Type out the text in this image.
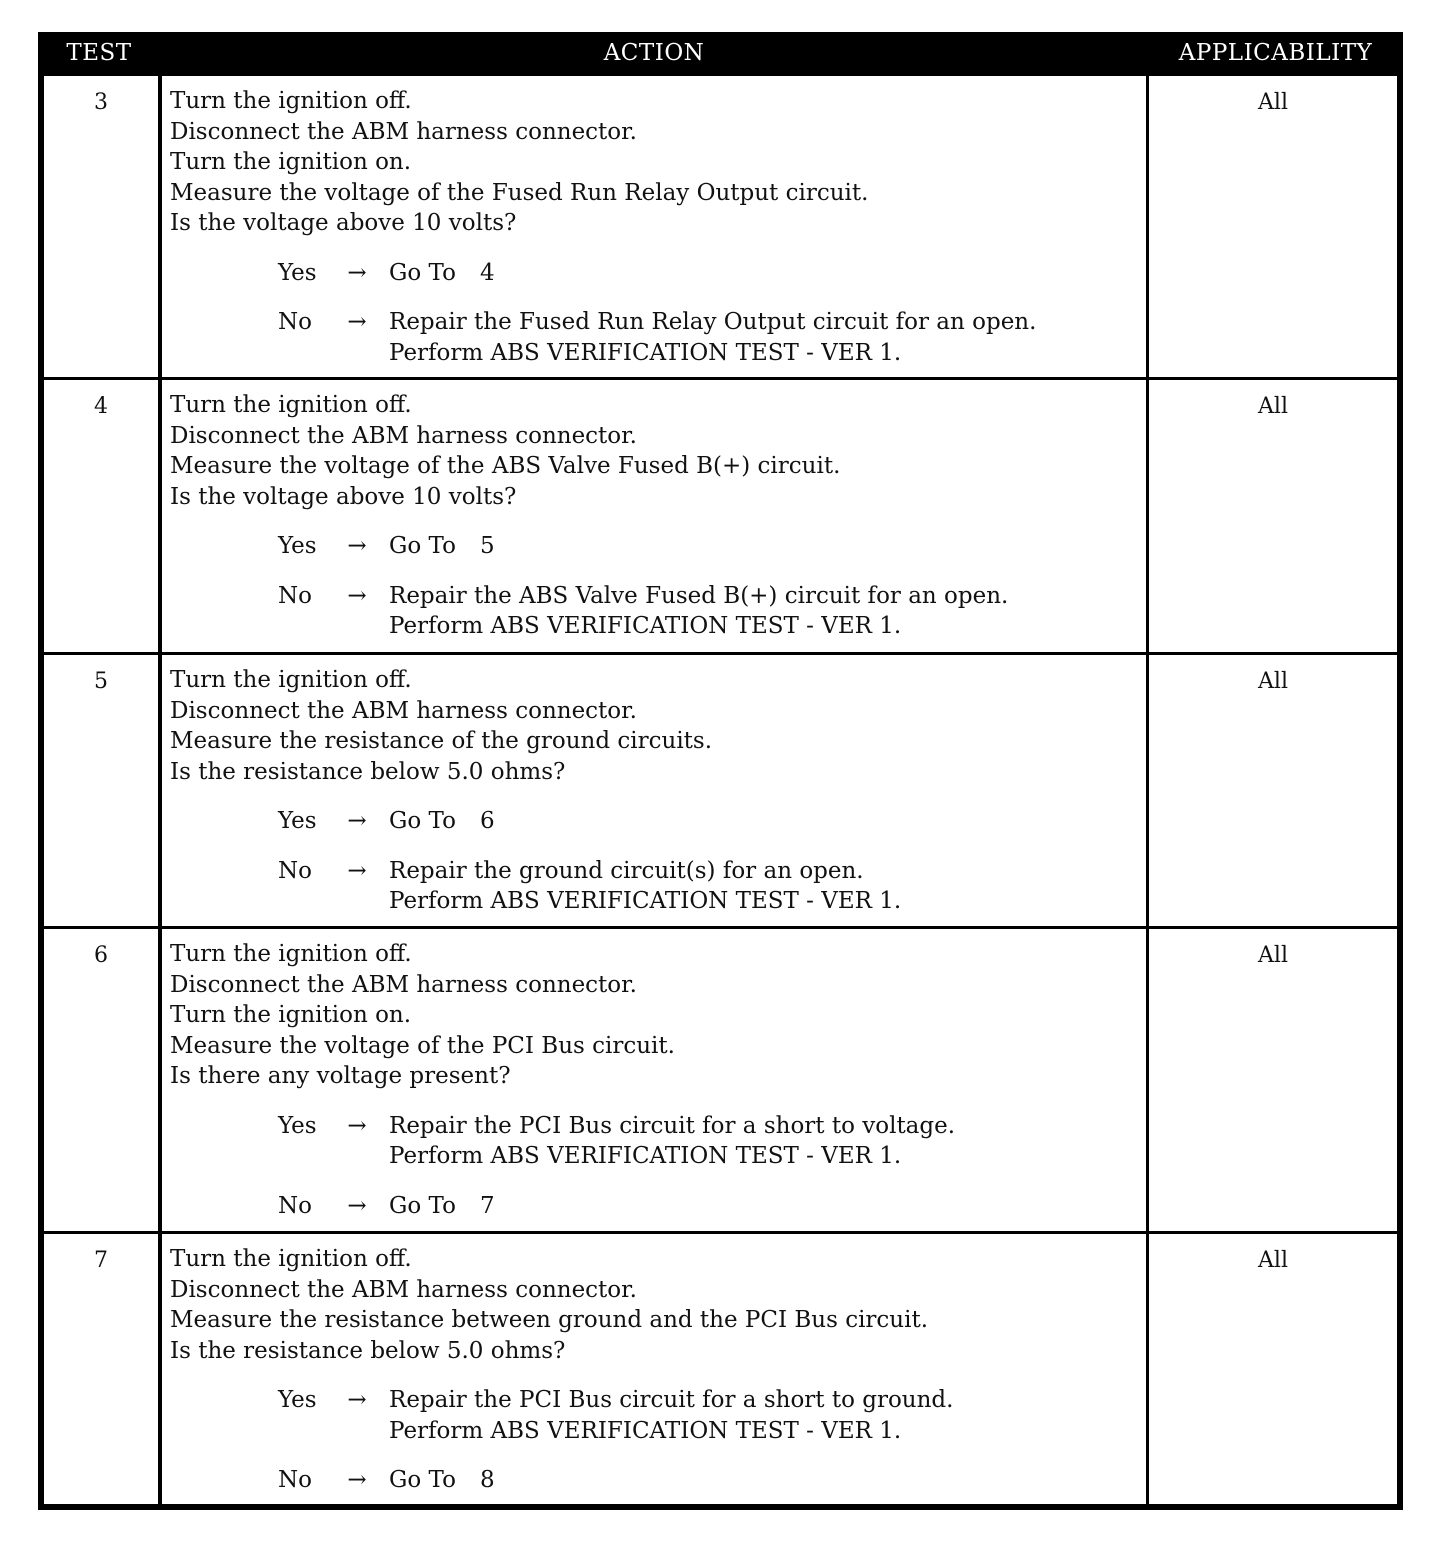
TEST	ACTION	APPLICABILITY
3	Turn the ignition off.
Disconnect the ABM harness connector.
Turn the ignition on.
Measure the voltage of the Fused Run Relay Output circuit.
Is the voltage above 10 volts?
Yes	→ Go To 4
No	→ Repair the Fused Run Relay Output circuit for an open.
Perform ABS VERIFICATION TEST - VER 1.
All
4	Turn the ignition off.
Disconnect the ABM harness connector.
Measure the voltage of the ABS Valve Fused B(+) circuit.
Is the voltage above 10 volts?
Yes	→ Go To 5
No	→ Repair the ABS Valve Fused B(+) circuit for an open.
Perform ABS VERIFICATION TEST - VER 1.
All
5	Turn the ignition off.
Disconnect the ABM harness connector.
Measure the resistance of the ground circuits.
Is the resistance below 5.0 ohms?
Yes	→ Go To 6
No	→ Repair the ground circuit(s) for an open.
Perform ABS VERIFICATION TEST - VER 1.
All
6	Turn the ignition off.
Disconnect the ABM harness connector.
Turn the ignition on.
Measure the voltage of the PCI Bus circuit.
Is there any voltage present?
Yes	→ Repair the PCI Bus circuit for a short to voltage.
Perform ABS VERIFICATION TEST - VER 1.
No	→ Go To 7
All
7	Turn the ignition off.
Disconnect the ABM harness connector.
Measure the resistance between ground and the PCI Bus circuit.
Is the resistance below 5.0 ohms?
Yes	→ Repair the PCI Bus circuit for a short to ground.
Perform ABS VERIFICATION TEST - VER 1.
No	→ Go To 8
All
